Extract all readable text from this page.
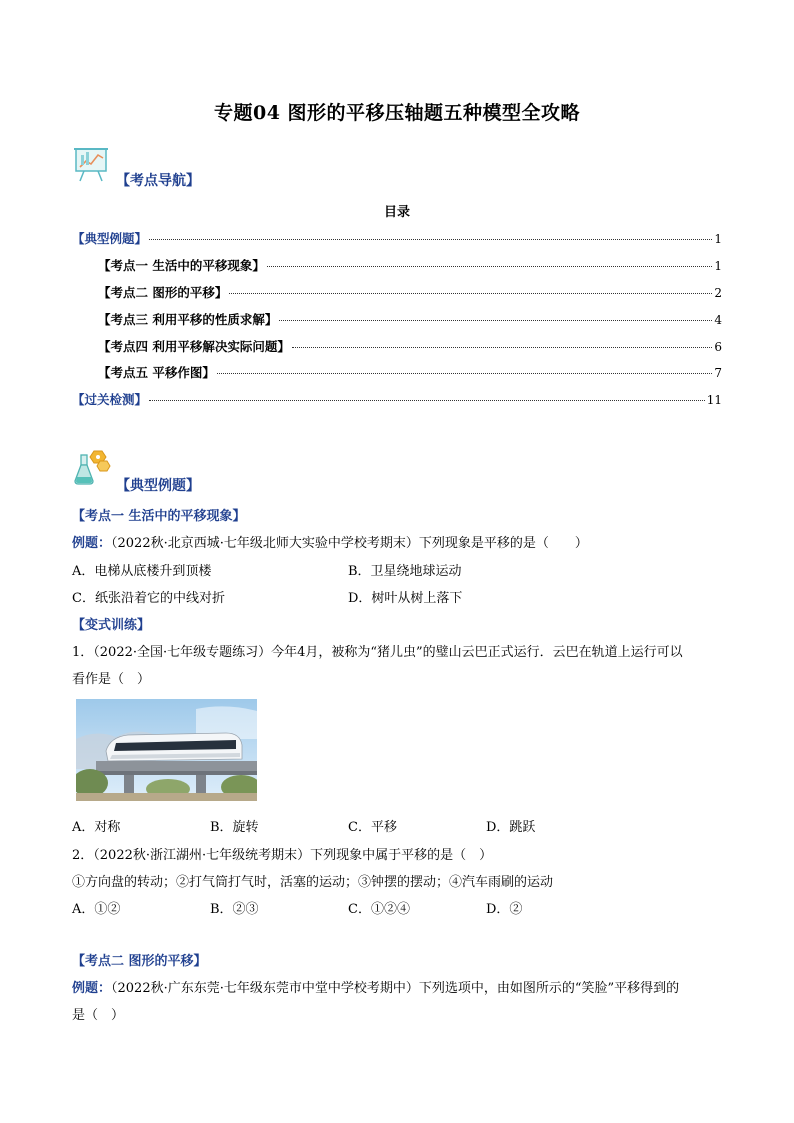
专题04 图形的平移压轴题五种模型全攻略
【考点导航】
目录
【典型例题】	1
【考点一 生活中的平移现象】	1
【考点二 图形的平移】	2
【考点三 利用平移的性质求解】	4
【考点四 利用平移解决实际问题】	6
【考点五 平移作图】	7
【过关检测】	11
【典型例题】
【考点一 生活中的平移现象】
例题：（2022秋·北京西城·七年级北师大实验中学校考期末）下列现象是平移的是（　　）
A．电梯从底楼升到顶楼	B．卫星绕地球运动
C．纸张沿着它的中线对折	D．树叶从树上落下
【变式训练】
1．（2022·全国·七年级专题练习）今年4月，被称为“猪儿虫”的璧山云巴正式运行．云巴在轨道上运行可以
看作是（　）
A．对称	B．旋转	C．平移	D．跳跃
2．（2022秋·浙江湖州·七年级统考期末）下列现象中属于平移的是（　）
①方向盘的转动；②打气筒打气时，活塞的运动；③钟摆的摆动；④汽车雨刷的运动
A．①②	B．②③	C．①②④	D．②
【考点二 图形的平移】
例题：（2022秋·广东东莞·七年级东莞市中堂中学校考期中）下列选项中，由如图所示的“笑脸”平移得到的
是（　）
